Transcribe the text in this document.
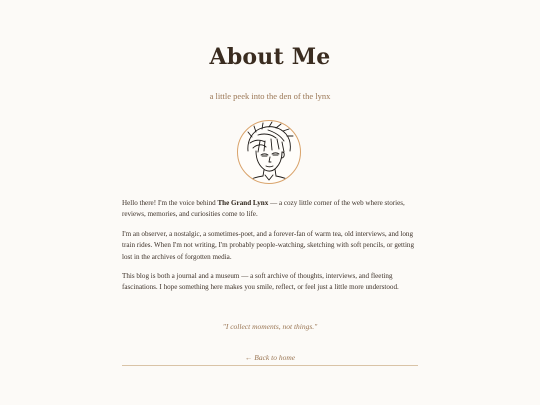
About Me

a little peek into the den of the lynx

Hello there! I'm the voice behind The Grand Lynx — a cozy little corner of the web where stories, reviews, memories, and curiosities come to life.

I'm an observer, a nostalgic, a sometimes-poet, and a forever-fan of warm tea, old interviews, and long train rides. When I'm not writing, I'm probably people-watching, sketching with soft pencils, or getting lost in the archives of forgotten media.

This blog is both a journal and a museum — a soft archive of thoughts, interviews, and fleeting fascinations. I hope something here makes you smile, reflect, or feel just a little more understood.

"I collect moments, not things."

← Back to home
